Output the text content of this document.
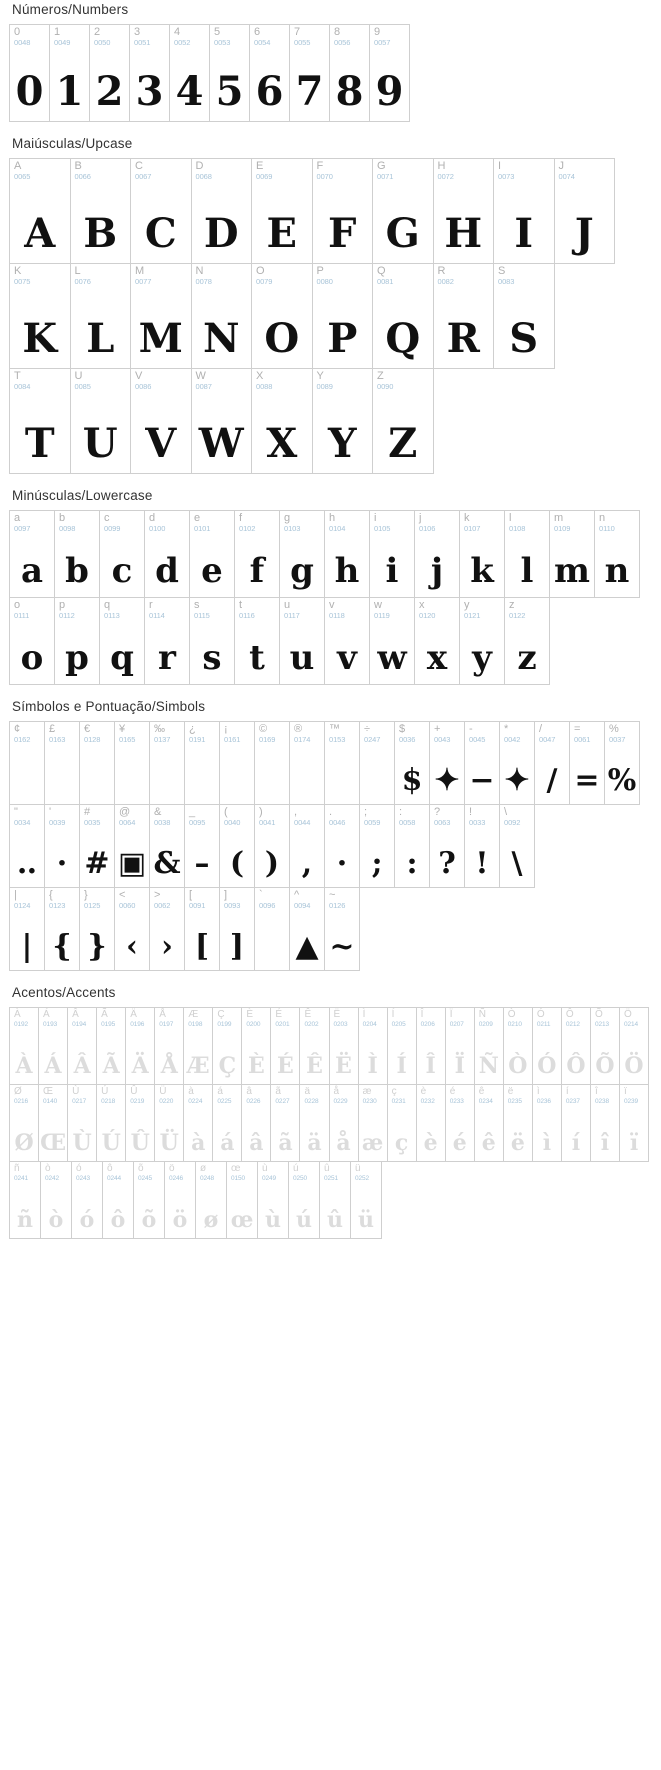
Números/Numbers
0
0048
0
1
0049
1
2
0050
2
3
0051
3
4
0052
4
5
0053
5
6
0054
6
7
0055
7
8
0056
8
9
0057
9
Maiúsculas/Upcase
A
0065
A
B
0066
B
C
0067
C
D
0068
D
E
0069
E
F
0070
F
G
0071
G
H
0072
H
I
0073
I
J
0074
J
K
0075
K
L
0076
L
M
0077
M
N
0078
N
O
0079
O
P
0080
P
Q
0081
Q
R
0082
R
S
0083
S
T
0084
T
U
0085
U
V
0086
V
W
0087
W
X
0088
X
Y
0089
Y
Z
0090
Z
Minúsculas/Lowercase
a
0097
a
b
0098
b
c
0099
c
d
0100
d
e
0101
e
f
0102
f
g
0103
g
h
0104
h
i
0105
i
j
0106
j
k
0107
k
l
0108
l
m
0109
m
n
0110
n
o
0111
o
p
0112
p
q
0113
q
r
0114
r
s
0115
s
t
0116
t
u
0117
u
v
0118
v
w
0119
w
x
0120
x
y
0121
y
z
0122
z
Símbolos e Pontuação/Simbols
¢
0162
£
0163
€
0128
¥
0165
‰
0137
¿
0191
¡
0161
©
0169
®
0174
™
0153
÷
0247
$
0036
$
+
0043
✦
-
0045
−
*
0042
✦
/
0047
/
=
0061
=
%
0037
%
"
0034
‥
'
0039
·
#
0035
#
@
0064
▣
&
0038
&
_
0095
–
(
0040
(
)
0041
)
,
0044
,
.
0046
·
;
0059
;
:
0058
:
?
0063
?
!
0033
!
\
0092
\
|
0124
|
{
0123
{
}
0125
}
<
0060
‹
>
0062
›
[
0091
[
]
0093
]
`
0096
^
0094
▲
~
0126
~
Acentos/Accents
À
0192
À
Á
0193
Á
Â
0194
Â
Ã
0195
Ã
Ä
0196
Ä
Å
0197
Å
Æ
0198
Æ
Ç
0199
Ç
È
0200
È
É
0201
É
Ê
0202
Ê
Ë
0203
Ë
Ì
0204
Ì
Í
0205
Í
Î
0206
Î
Ï
0207
Ï
Ñ
0209
Ñ
Ò
0210
Ò
Ó
0211
Ó
Ô
0212
Ô
Õ
0213
Õ
Ö
0214
Ö
Ø
0216
Ø
Œ
0140
Œ
Ù
0217
Ù
Ú
0218
Ú
Û
0219
Û
Ü
0220
Ü
à
0224
à
á
0225
á
â
0226
â
ã
0227
ã
ä
0228
ä
å
0229
å
æ
0230
æ
ç
0231
ç
è
0232
è
é
0233
é
ê
0234
ê
ë
0235
ë
ì
0236
ì
í
0237
í
î
0238
î
ï
0239
ï
ñ
0241
ñ
ò
0242
ò
ó
0243
ó
ô
0244
ô
õ
0245
õ
ö
0246
ö
ø
0248
ø
œ
0150
œ
ù
0249
ù
ú
0250
ú
û
0251
û
ü
0252
ü
